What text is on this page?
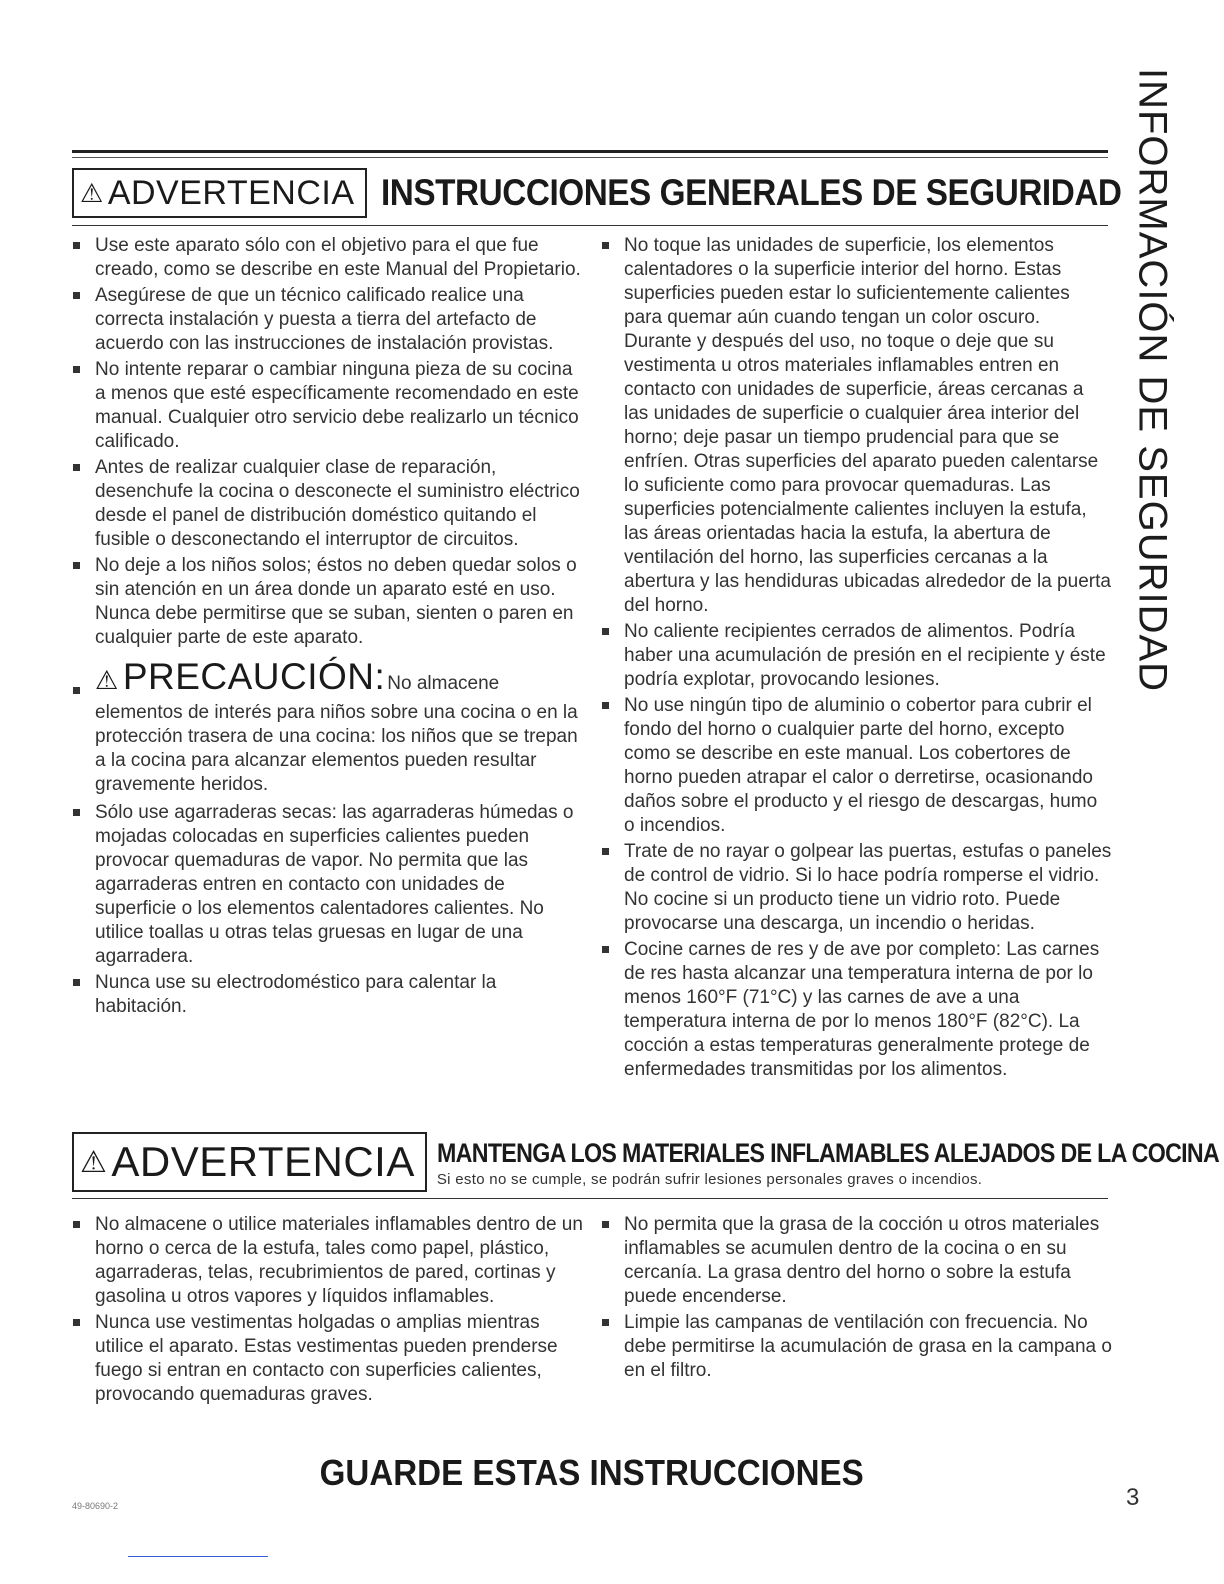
INFORMACIÓN DE SEGURIDAD
⚠ ADVERTENCIA INSTRUCCIONES GENERALES DE SEGURIDAD
Use este aparato sólo con el objetivo para el que fue creado, como se describe en este Manual del Propietario.
Asegúrese de que un técnico calificado realice una correcta instalación y puesta a tierra del artefacto de acuerdo con las instrucciones de instalación provistas.
No intente reparar o cambiar ninguna pieza de su cocina a menos que esté específicamente recomendado en este manual. Cualquier otro servicio debe realizarlo un técnico calificado.
Antes de realizar cualquier clase de reparación, desenchufe la cocina o desconecte el suministro eléctrico desde el panel de distribución doméstico quitando el fusible o desconectando el interruptor de circuitos.
No deje a los niños solos; éstos no deben quedar solos o sin atención en un área donde un aparato esté en uso. Nunca debe permitirse que se suban, sienten o paren en cualquier parte de este aparato.
⚠ PRECAUCIÓN: No almacene
elementos de interés para niños sobre una cocina o en la protección trasera de una cocina: los niños que se trepan a la cocina para alcanzar elementos pueden resultar gravemente heridos.
Sólo use agarraderas secas: las agarraderas húmedas o mojadas colocadas en superficies calientes pueden provocar quemaduras de vapor. No permita que las agarraderas entren en contacto con unidades de superficie o los elementos calentadores calientes. No utilice toallas u otras telas gruesas en lugar de una agarradera.
Nunca use su electrodoméstico para calentar la habitación.
No toque las unidades de superficie, los elementos calentadores o la superficie interior del horno. Estas superficies pueden estar lo suficientemente calientes para quemar aún cuando tengan un color oscuro. Durante y después del uso, no toque o deje que su vestimenta u otros materiales inflamables entren en contacto con unidades de superficie, áreas cercanas a las unidades de superficie o cualquier área interior del horno; deje pasar un tiempo prudencial para que se enfríen. Otras superficies del aparato pueden calentarse lo suficiente como para provocar quemaduras. Las superficies potencialmente calientes incluyen la estufa, las áreas orientadas hacia la estufa, la abertura de ventilación del horno, las superficies cercanas a la abertura y las hendiduras ubicadas alrededor de la puerta del horno.
No caliente recipientes cerrados de alimentos. Podría haber una acumulación de presión en el recipiente y éste podría explotar, provocando lesiones.
No use ningún tipo de aluminio o cobertor para cubrir el fondo del horno o cualquier parte del horno, excepto como se describe en este manual. Los cobertores de horno pueden atrapar el calor o derretirse, ocasionando daños sobre el producto y el riesgo de descargas, humo o incendios.
Trate de no rayar o golpear las puertas, estufas o paneles de control de vidrio. Si lo hace podría romperse el vidrio. No cocine si un producto tiene un vidrio roto. Puede provocarse una descarga, un incendio o heridas.
Cocine carnes de res y de ave por completo: Las carnes de res hasta alcanzar una temperatura interna de por lo menos 160°F (71°C) y las carnes de ave a una temperatura interna de por lo menos 180°F (82°C). La cocción a estas temperaturas generalmente protege de enfermedades transmitidas por los alimentos.
⚠ ADVERTENCIA MANTENGA LOS MATERIALES INFLAMABLES ALEJADOS DE LA COCINA
Si esto no se cumple, se podrán sufrir lesiones personales graves o incendios.
No almacene o utilice materiales inflamables dentro de un horno o cerca de la estufa, tales como papel, plástico, agarraderas, telas, recubrimientos de pared, cortinas y gasolina u otros vapores y líquidos inflamables.
Nunca use vestimentas holgadas o amplias mientras utilice el aparato. Estas vestimentas pueden prenderse fuego si entran en contacto con superficies calientes, provocando quemaduras graves.
No permita que la grasa de la cocción u otros materiales inflamables se acumulen dentro de la cocina o en su cercanía. La grasa dentro del horno o sobre la estufa puede encenderse.
Limpie las campanas de ventilación con frecuencia. No debe permitirse la acumulación de grasa en la campana o en el filtro.
GUARDE ESTAS INSTRUCCIONES
49-80690-2	3
